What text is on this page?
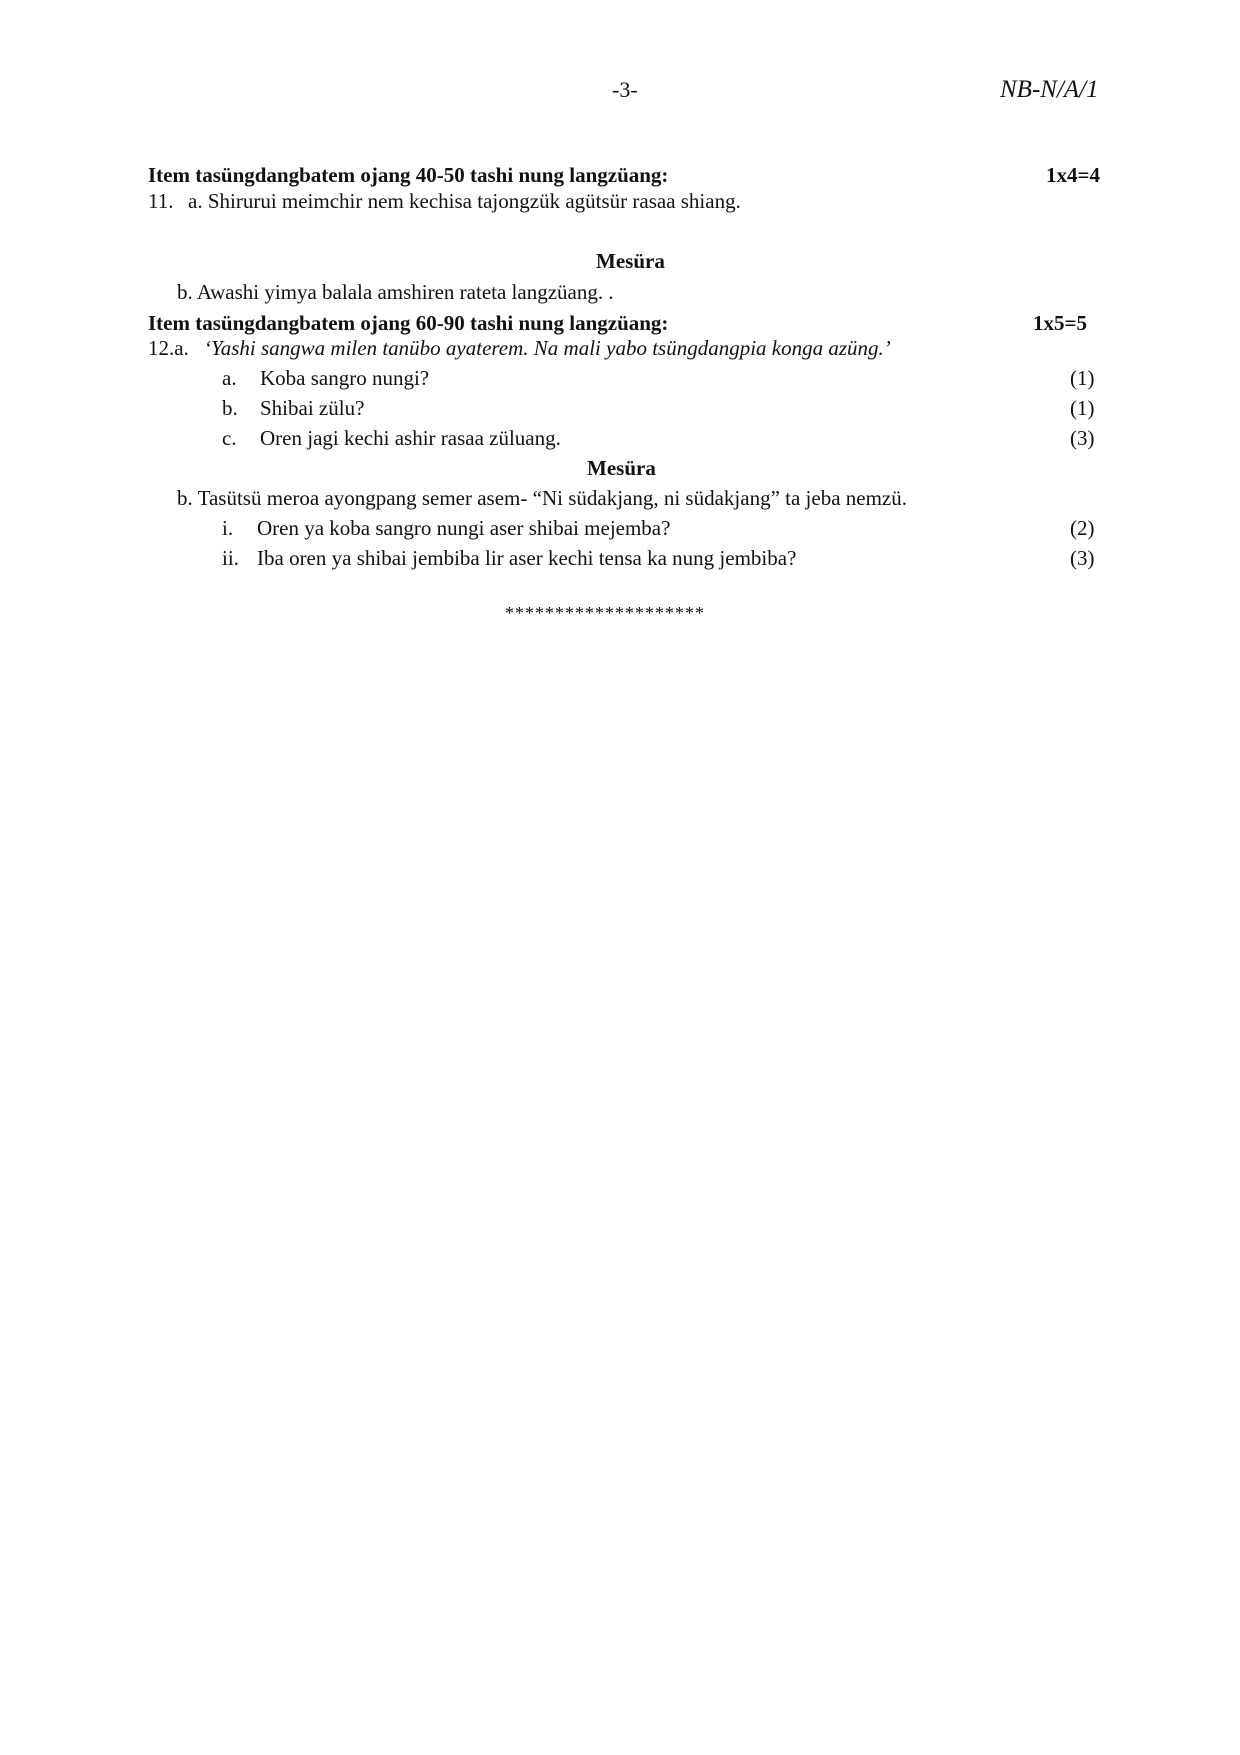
-3-	NB-N/A/1
Item tasüngdangbatem ojang 40-50 tashi nung langzüang:	1x4=4
11. a. Shirurui meimchir nem kechisa tajongzük agütsür rasaa shiang.
Mesüra
b. Awashi yimya balala amshiren rateta langzüang. .
Item tasüngdangbatem ojang 60-90 tashi nung langzüang:	1x5=5
12.a. ‘Yashi sangwa milen tanübo ayaterem. Na mali yabo tsüngdangpia konga azüng.’
a. Koba sangro nungi?	(1)
b. Shibai zülu?	(1)
c. Oren jagi kechi ashir rasaa züluang.	(3)
Mesüra
b. Tasütsü meroa ayongpang semer asem- “Ni südakjang, ni südakjang” ta jeba nemzü.
i. Oren ya koba sangro nungi aser shibai mejemba?	(2)
ii. Iba oren ya shibai jembiba lir aser kechi tensa ka nung jembiba?	(3)
********************
